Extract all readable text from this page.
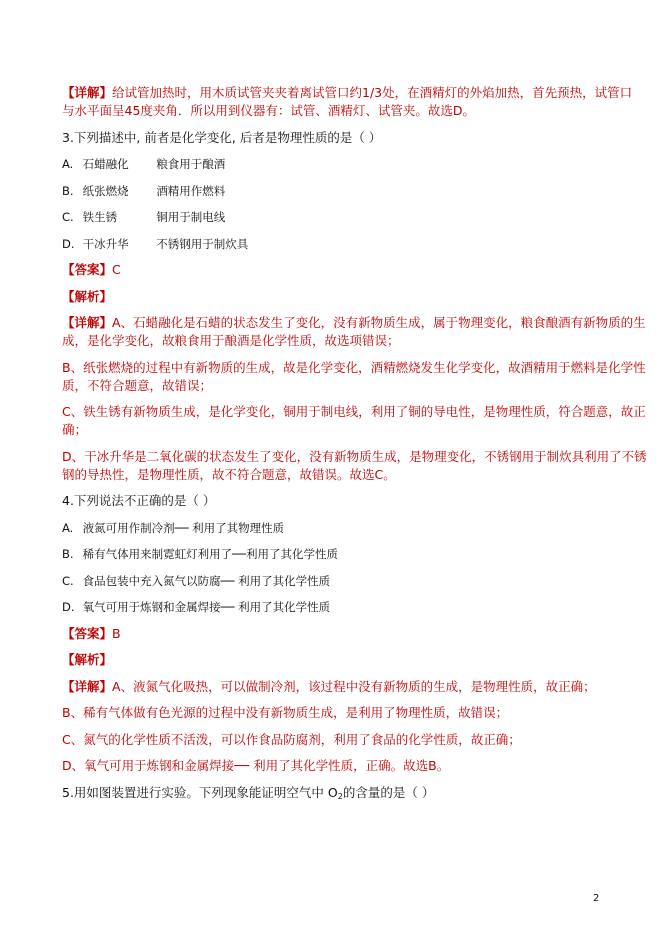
【详解】给试管加热时，用木质试管夹夹着离试管口约1/3处，在酒精灯的外焰加热，首先预热，试管口
与水平面呈45度夹角．所以用到仪器有：试管、酒精灯、试管夹。故选D。
3.下列描述中, 前者是化学变化, 后者是物理性质的是（ ）
A. 石蜡融化 粮食用于酿酒
B. 纸张燃烧 酒精用作燃料
C. 铁生锈	铜用于制电线
D. 干冰升华 不锈钢用于制炊具
【答案】C
【解析】
【详解】A、石蜡融化是石蜡的状态发生了变化，没有新物质生成，属于物理变化，粮食酿酒有新物质的生
成，是化学变化，故粮食用于酿酒是化学性质，故选项错误；
B、纸张燃烧的过程中有新物质的生成，故是化学变化，酒精燃烧发生化学变化，故酒精用于燃料是化学性
质，不符合题意，故错误；
C、铁生锈有新物质生成，是化学变化，铜用于制电线，利用了铜的导电性，是物理性质，符合题意，故正
确；
D、干冰升华是二氧化碳的状态发生了变化，没有新物质生成，是物理变化，不锈钢用于制炊具利用了不锈
钢的导热性，是物理性质，故不符合题意，故错误。故选C。
4.下列说法不正确的是（ ）
A. 液氮可用作制冷剂── 利用了其物理性质
B. 稀有气体用来制霓虹灯利用了──利用了其化学性质
C. 食品包装中充入氮气以防腐── 利用了其化学性质
D. 氧气可用于炼钢和金属焊接── 利用了其化学性质
【答案】B
【解析】
【详解】A、液氮气化吸热，可以做制冷剂，该过程中没有新物质的生成，是物理性质，故正确；
B、稀有气体做有色光源的过程中没有新物质生成，是利用了物理性质，故错误；
C、氮气的化学性质不活泼，可以作食品防腐剂，利用了食品的化学性质，故正确；
D、氧气可用于炼钢和金属焊接── 利用了其化学性质，正确。故选B。
5.用如图装置进行实验。下列现象能证明空气中 $O_2$的含量的是（ ）
2
